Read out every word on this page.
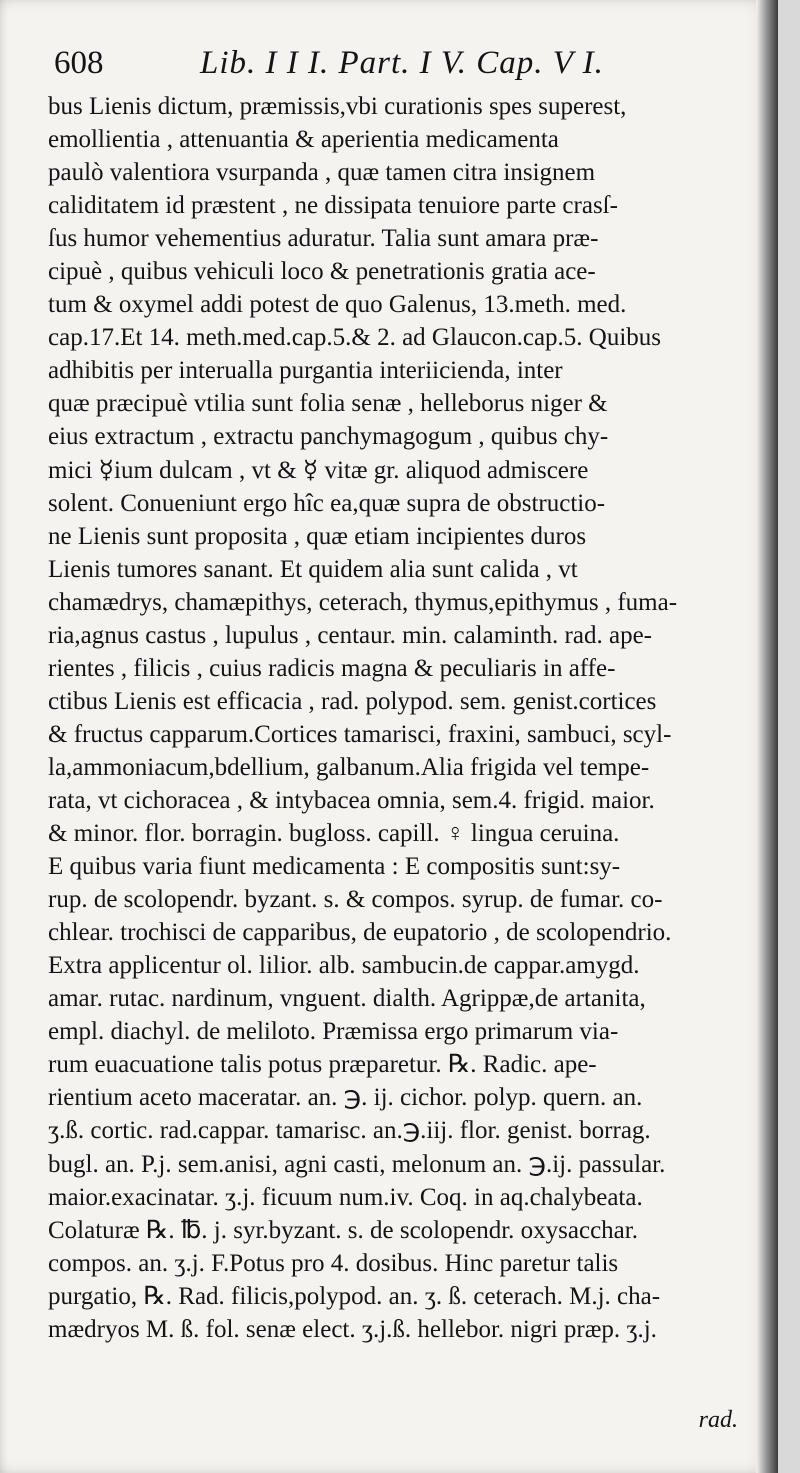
608	Lib. I I I. Part. I V. Cap. V I.
bus Lienis dictum, præmissis,vbi curationis spes superest,
emollientia , attenuantia & aperientia medicamenta
paulò valentiora vsurpanda , quæ tamen citra insignem
caliditatem id præstent , ne dissipata tenuiore parte crasſ-
ſus humor vehementius aduratur. Talia sunt amara præ-
cipuè , quibus vehiculi loco & penetrationis gratia ace-
tum & oxymel addi potest de quo Galenus, 13.meth. med.
cap.17.Et 14. meth.med.cap.5.& 2. ad Glaucon.cap.5. Quibus
adhibitis per interualla purgantia interiicienda, inter
quæ præcipuè vtilia sunt folia senæ , helleborus niger &
eius extractum , extractu panchymagogum , quibus chy-
mici ☿ium dulcam , vt & ☿ vitæ gr. aliquod admiscere
solent. Conueniunt ergo hîc ea,quæ supra de obstructio-
ne Lienis sunt proposita , quæ etiam incipientes duros
Lienis tumores sanant. Et quidem alia sunt calida , vt
chamædrys, chamæpithys, ceterach, thymus,epithymus , fuma-
ria,agnus castus , lupulus , centaur. min. calaminth. rad. ape-
rientes , filicis , cuius radicis magna & peculiaris in affe-
ctibus Lienis est efficacia , rad. polypod. sem. genist.cortices
& fructus capparum.Cortices tamarisci, fraxini, sambuci, scyl-
la,ammoniacum,bdellium, galbanum.Alia frigida vel tempe-
rata, vt cichoracea , & intybacea omnia, sem.4. frigid. maior.
& minor. flor. borragin. bugloss. capill. ♀ lingua ceruina.
E quibus varia fiunt medicamenta : E compositis sunt:sy-
rup. de scolopendr. byzant. s. & compos. syrup. de fumar. co-
chlear. trochisci de capparibus, de eupatorio , de scolopendrio.
Extra applicentur ol. lilior. alb. sambucin.de cappar.amygd.
amar. rutac. nardinum, vnguent. dialth. Agrippæ,de artanita,
empl. diachyl. de meliloto. Præmissa ergo primarum via-
rum euacuatione talis potus præparetur. ℞. Radic. ape-
rientium aceto maceratar. an. ℈. ij. cichor. polyp. quern. an.
ʒ.ß. cortic. rad.cappar. tamarisc. an.℈.iij. flor. genist. borrag.
bugl. an. P.j. sem.anisi, agni casti, melonum an. ℈.ij. passular.
maior.exacinatar. ʒ.j. ficuum num.iv. Coq. in aq.chalybeata.
Colaturæ ℞. ℔. j. syr.byzant. s. de scolopendr. oxysacchar.
compos. an. ʒ.j. F.Potus pro 4. dosibus. Hinc paretur talis
purgatio, ℞. Rad. filicis,polypod. an. ʒ. ß. ceterach. M.j. cha-
mædryos M. ß. fol. senæ elect. ʒ.j.ß. hellebor. nigri præp. ʒ.j.
rad.
